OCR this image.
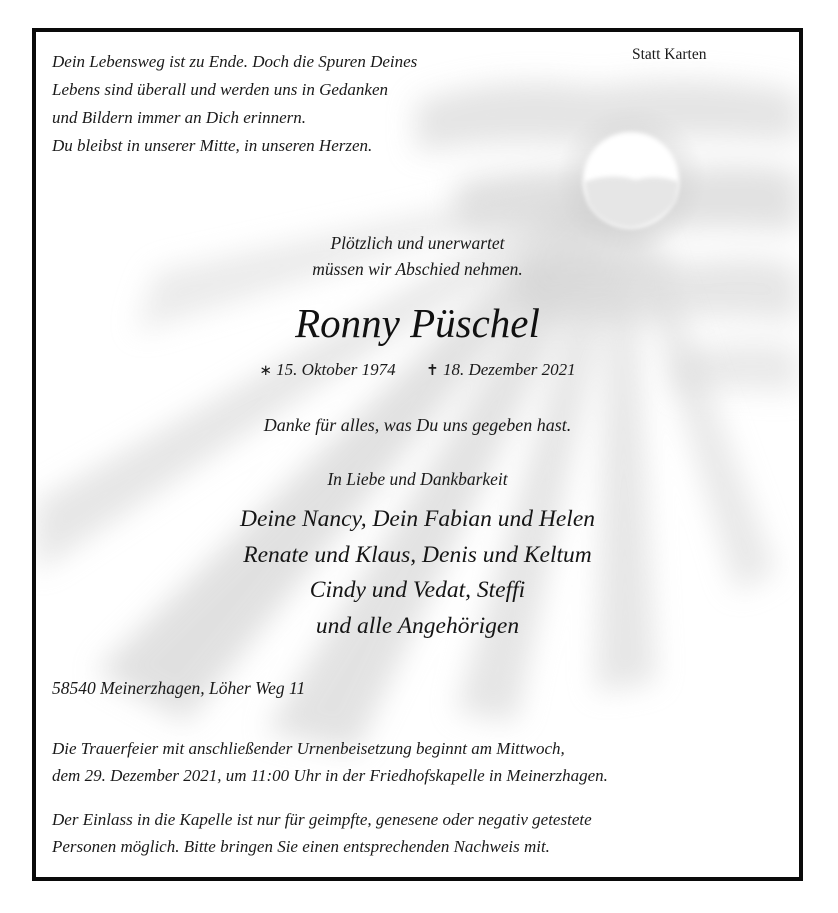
Dein Lebensweg ist zu Ende. Doch die Spuren Deines
Lebens sind überall und werden uns in Gedanken
und Bildern immer an Dich erinnern.
Du bleibst in unserer Mitte, in unseren Herzen.
Statt Karten
Plötzlich und unerwartet
müssen wir Abschied nehmen.
Ronny Püschel
∗ 15. Oktober 1974 ✝ 18. Dezember 2021
Danke für alles, was Du uns gegeben hast.
In Liebe und Dankbarkeit
Deine Nancy, Dein Fabian und Helen
Renate und Klaus, Denis und Keltum
Cindy und Vedat, Steffi
und alle Angehörigen
58540 Meinerzhagen, Löher Weg 11
Die Trauerfeier mit anschließender Urnenbeisetzung beginnt am Mittwoch,
dem 29. Dezember 2021, um 11:00 Uhr in der Friedhofskapelle in Meinerzhagen.
Der Einlass in die Kapelle ist nur für geimpfte, genesene oder negativ getestete
Personen möglich. Bitte bringen Sie einen entsprechenden Nachweis mit.
